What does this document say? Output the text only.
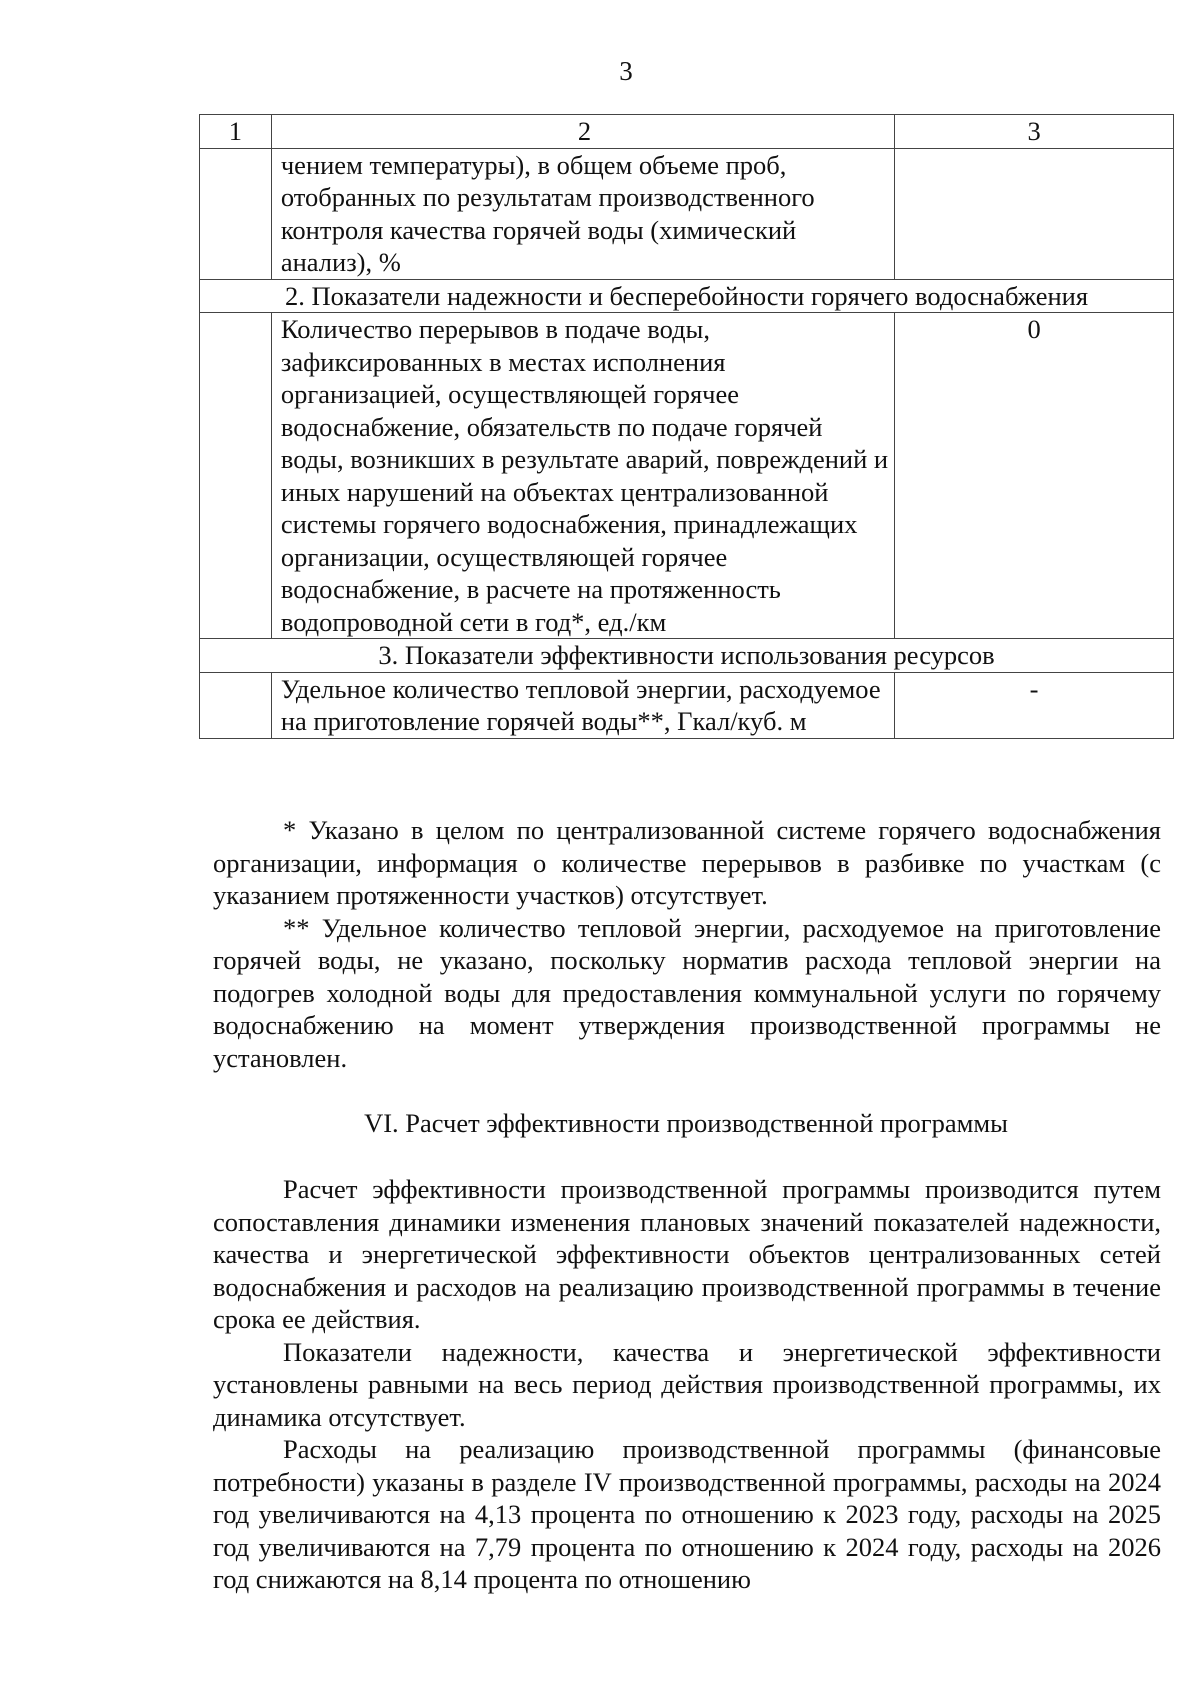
3
1	2	3
	чением температуры), в общем объеме проб, отобранных по результатам производственного контроля качества горячей воды (химический анализ), %	
2. Показатели надежности и бесперебойности горячего водоснабжения		
	Количество перерывов в подаче воды, зафиксированных в местах исполнения организацией, осуществляющей горячее водоснабжение, обязательств по подаче горячей воды, возникших в результате аварий, повреждений и иных нарушений на объектах централизованной системы горячего водоснабжения, принадлежащих организации, осуществляющей горячее водоснабжение, в расчете на протяженность водопроводной сети в год*, ед./км	0
3. Показатели эффективности использования ресурсов		
	Удельное количество тепловой энергии, расходуемое на приготовление горячей воды**, Гкал/куб. м	-

* Указано в целом по централизованной системе горячего водоснабжения организации, информация о количестве перерывов в разбивке по участкам (с указанием протяженности участков) отсутствует.

** Удельное количество тепловой энергии, расходуемое на приготовление горячей воды, не указано, поскольку норматив расхода тепловой энергии на подогрев холодной воды для предоставления коммунальной услуги по горячему водоснабжению на момент утверждения производственной программы не установлен.

VI. Расчет эффективности производственной программы

Расчет эффективности производственной программы производится путем сопоставления динамики изменения плановых значений показателей надежности, качества и энергетической эффективности объектов централизованных сетей водоснабжения и расходов на реализацию производственной программы в течение срока ее действия.

Показатели надежности, качества и энергетической эффективности установлены равными на весь период действия производственной программы, их динамика отсутствует.

Расходы на реализацию производственной программы (финансовые потребности) указаны в разделе IV производственной программы, расходы на 2024 год увеличиваются на 4,13 процента по отношению к 2023 году, расходы на 2025 год увеличиваются на 7,79 процента по отношению к 2024 году, расходы на 2026 год снижаются на 8,14 процента по отношению
